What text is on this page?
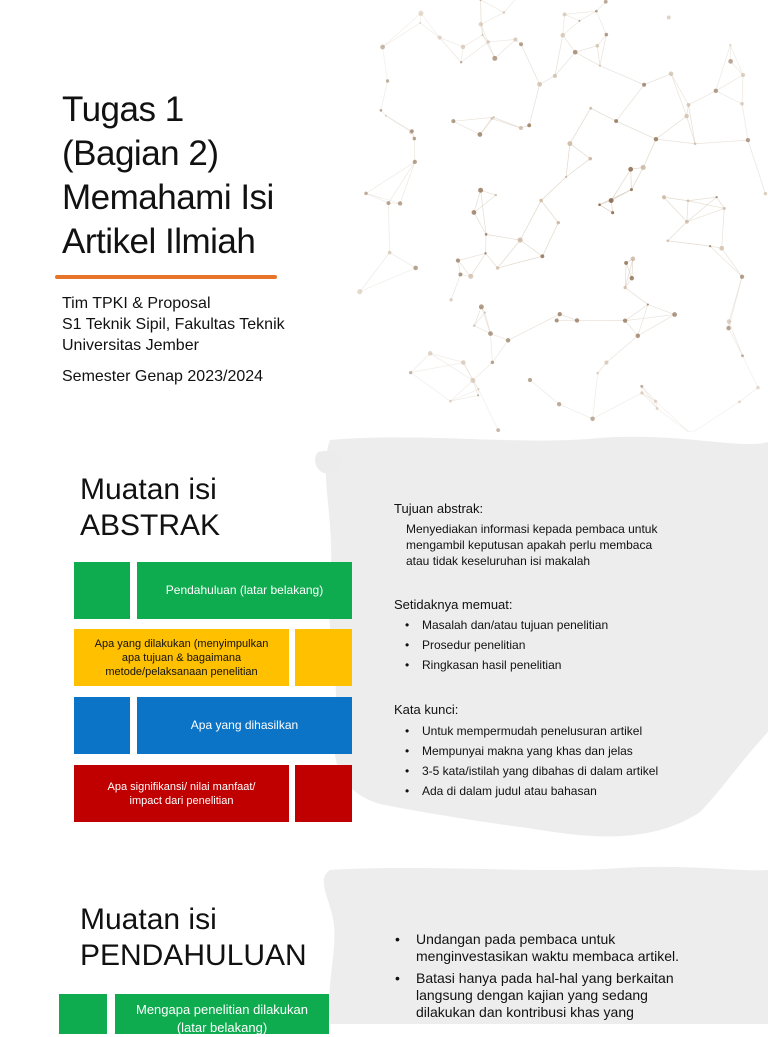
Tugas 1
(Bagian 2)
Memahami Isi
Artikel Ilmiah
Tim TPKI & Proposal
S1 Teknik Sipil, Fakultas Teknik
Universitas Jember
Semester Genap 2023/2024
Muatan isi
ABSTRAK
Pendahuluan (latar belakang)
Apa yang dilakukan (menyimpulkan
apa tujuan & bagaimana
metode/pelaksanaan penelitian
Apa yang dihasilkan
Apa signifikansi/ nilai manfaat/
impact dari penelitian
Tujuan abstrak:
Menyediakan informasi kepada pembaca untuk
mengambil keputusan apakah perlu membaca
atau tidak keseluruhan isi makalah
Setidaknya memuat:
• Masalah dan/atau tujuan penelitian
• Prosedur penelitian
• Ringkasan hasil penelitian
Kata kunci:
• Untuk mempermudah penelusuran artikel
• Mempunyai makna yang khas dan jelas
• 3-5 kata/istilah yang dibahas di dalam artikel
• Ada di dalam judul atau bahasan
Muatan isi
PENDAHULUAN
Mengapa penelitian dilakukan
(latar belakang)
• Undangan pada pembaca untuk
menginvestasikan waktu membaca artikel.
• Batasi hanya pada hal-hal yang berkaitan
langsung dengan kajian yang sedang
dilakukan dan kontribusi khas yang
